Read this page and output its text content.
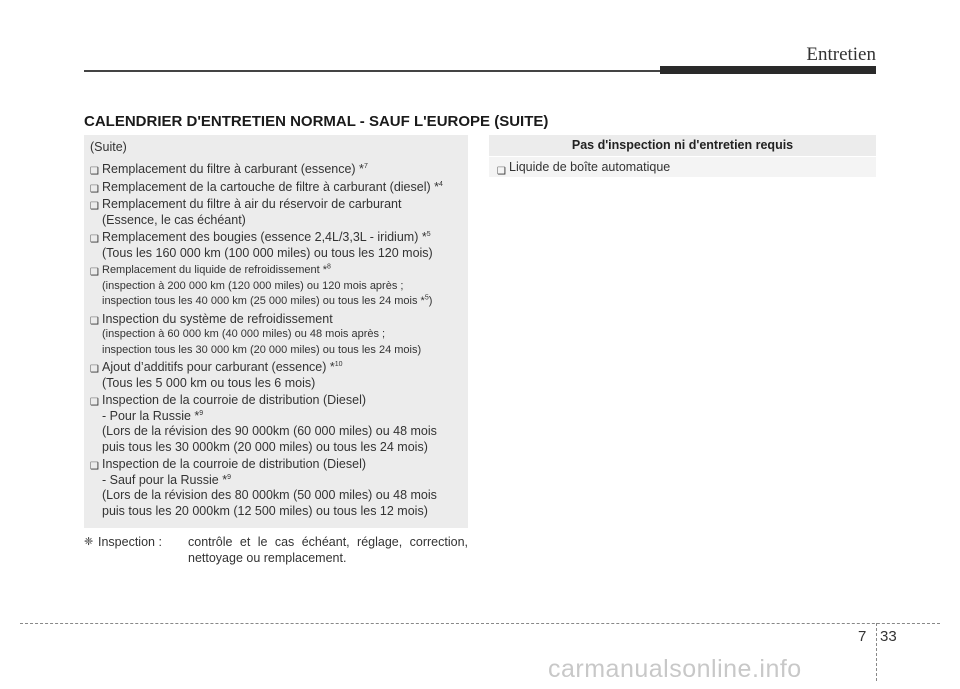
Entretien
CALENDRIER D'ENTRETIEN NORMAL - SAUF L'EUROPE (SUITE)
(Suite)
❑ Remplacement du filtre à carburant (essence) *$^7$
❑ Remplacement de la cartouche de filtre à carburant (diesel) *$^4$
❑ Remplacement du filtre à air du réservoir de carburant
(Essence, le cas échéant)
❑ Remplacement des bougies (essence 2,4L/3,3L - iridium) *$^5$
(Tous les 160 000 km (100 000 miles) ou tous les 120 mois)
❑ Remplacement du liquide de refroidissement *$^8$
(inspection à 200 000 km (120 000 miles) ou 120 mois après ;
inspection tous les 40 000 km (25 000 miles) ou tous les 24 mois *$^5$)
❑ Inspection du système de refroidissement
(inspection à 60 000 km (40 000 miles) ou 48 mois après ;
inspection tous les 30 000 km (20 000 miles) ou tous les 24 mois)
❑ Ajout d’additifs pour carburant (essence) *$^{10}$
(Tous les 5 000 km ou tous les 6 mois)
❑ Inspection de la courroie de distribution (Diesel)
- Pour la Russie *$^9$
(Lors de la révision des 90 000km (60 000 miles) ou 48 mois
puis tous les 30 000km (20 000 miles) ou tous les 24 mois)
❑ Inspection de la courroie de distribution (Diesel)
- Sauf pour la Russie *$^9$
(Lors de la révision des 80 000km (50 000 miles) ou 48 mois
puis tous les 20 000km (12 500 miles) ou tous les 12 mois)
❈ Inspection : contrôle et le cas échéant, réglage, correction, nettoyage ou remplacement.
Pas d'inspection ni d'entretien requis
❑ Liquide de boîte automatique
7 33
carmanualsonline.info
